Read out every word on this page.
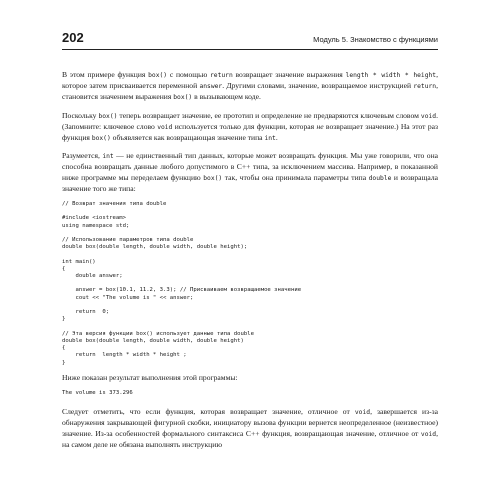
202	Модуль 5. Знакомство с функциями

В этом примере функция box() с помощью return возвращает значение выражения length * width * height, которое затем присваивается переменной answer. Другими словами, значение, возвращаемое инструкцией return, становится значением выражения box() в вызывающем коде.

Поскольку box() теперь возвращает значение, ее прототип и определение не предваряются ключевым словом void. (Запомните: ключевое слово void используется только для функции, которая не возвращает значение.) На этот раз функция box() объявляется как возвращающая значение типа int.

Разумеется, int — не единственный тип данных, которые может возвращать функция. Мы уже говорили, что она способна возвращать данные любого допустимого в C++ типа, за исключением массива. Например, в показанной ниже программе мы переделаем функцию box() так, чтобы она принимала параметры типа double и возвращала значение того же типа:

// Возврат значения типа double

#include <iostream>
using namespace std;

// Использование параметров типа double
double box(double length, double width, double height);

int main()
{
double answer;

answer = box(10.1, 11.2, 3.3); // Присваиваем возвращаемое значение
cout << "The volume is " << answer;

return  0;
}

// Эта версия функции box() использует данные типа double
double box(double length, double width, double height)
{
return  length * width * height ;
}

Ниже показан результат выполнения этой программы:

The volume is 373.296

Следует отметить, что если функция, которая возвращает значение, отличное от void, завершается из-за обнаружения закрывающей фигурной скобки, инициатору вызова функции вернется неопределенное (неизвестное) значение. Из-за особенностей формального синтаксиса C++ функция, возвращающая значение, отличное от void, на самом деле не обязана выполнять инструкцию
